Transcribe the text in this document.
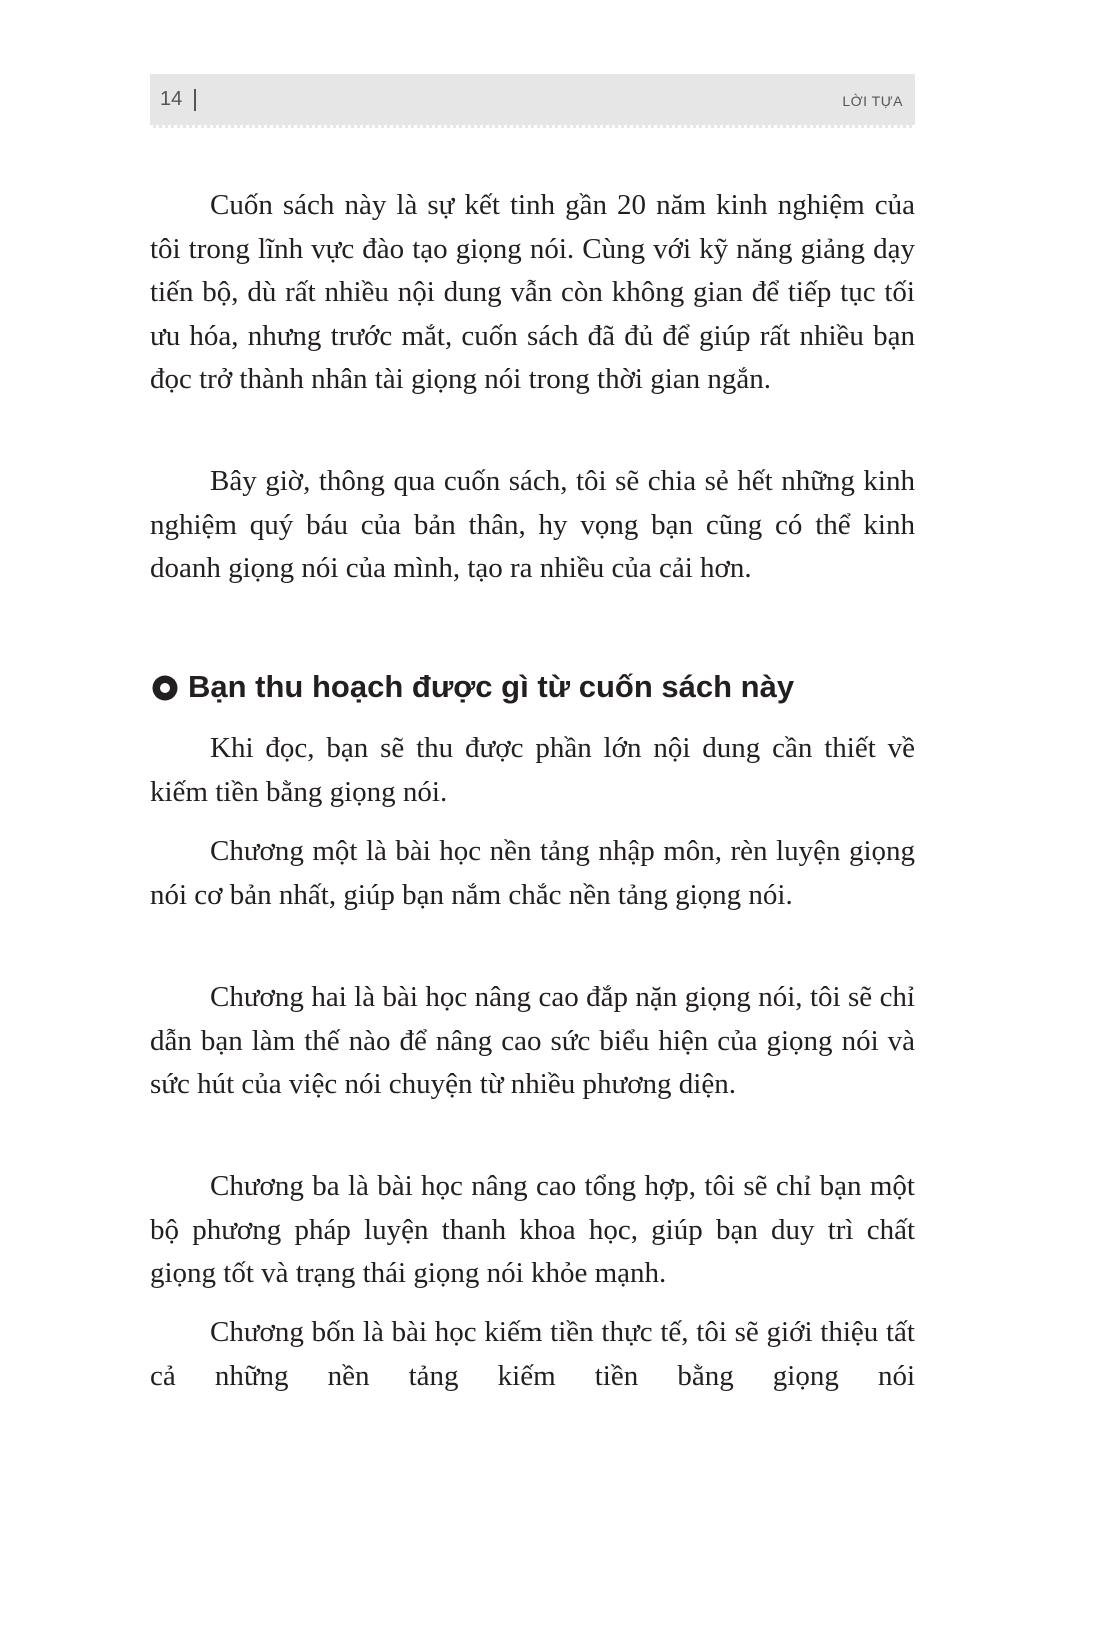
14	LỜI TỰA

Cuốn sách này là sự kết tinh gần 20 năm kinh nghiệm của tôi trong lĩnh vực đào tạo giọng nói. Cùng với kỹ năng giảng dạy tiến bộ, dù rất nhiều nội dung vẫn còn không gian để tiếp tục tối ưu hóa, nhưng trước mắt, cuốn sách đã đủ để giúp rất nhiều bạn đọc trở thành nhân tài giọng nói trong thời gian ngắn.

Bây giờ, thông qua cuốn sách, tôi sẽ chia sẻ hết những kinh nghiệm quý báu của bản thân, hy vọng bạn cũng có thể kinh doanh giọng nói của mình, tạo ra nhiều của cải hơn.

Bạn thu hoạch được gì từ cuốn sách này

Khi đọc, bạn sẽ thu được phần lớn nội dung cần thiết về kiếm tiền bằng giọng nói.

Chương một là bài học nền tảng nhập môn, rèn luyện giọng nói cơ bản nhất, giúp bạn nắm chắc nền tảng giọng nói.

Chương hai là bài học nâng cao đắp nặn giọng nói, tôi sẽ chỉ dẫn bạn làm thế nào để nâng cao sức biểu hiện của giọng nói và sức hút của việc nói chuyện từ nhiều phương diện.

Chương ba là bài học nâng cao tổng hợp, tôi sẽ chỉ bạn một bộ phương pháp luyện thanh khoa học, giúp bạn duy trì chất giọng tốt và trạng thái giọng nói khỏe mạnh.

Chương bốn là bài học kiếm tiền thực tế, tôi sẽ giới thiệu tất cả những nền tảng kiếm tiền bằng giọng nói
